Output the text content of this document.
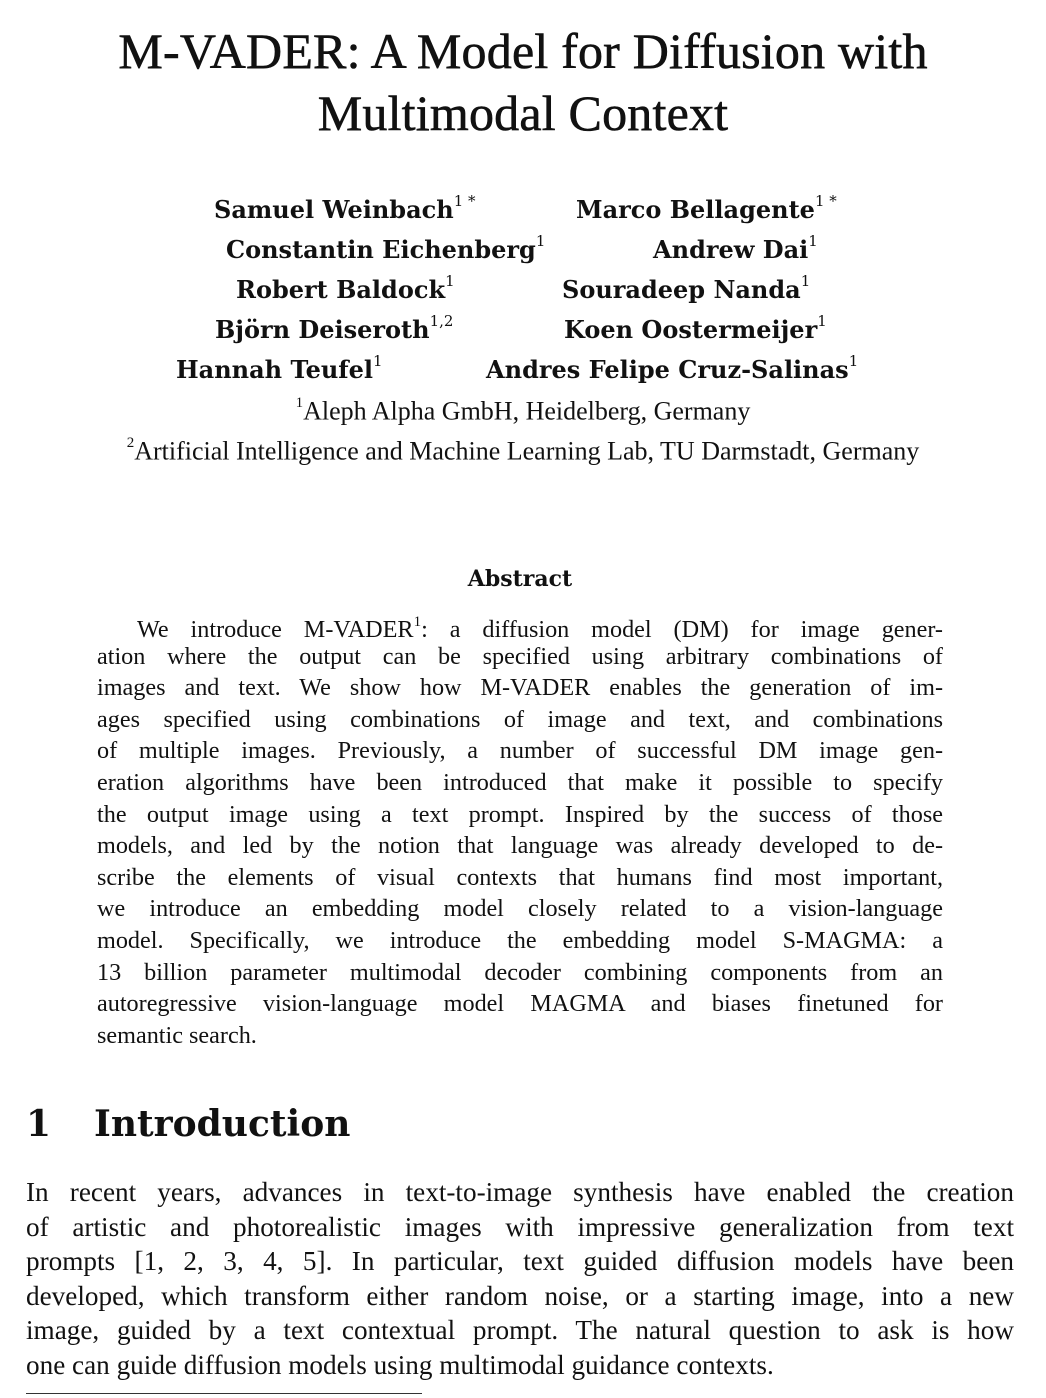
M-VADER: A Model for Diffusion with
Multimodal Context
Samuel Weinbach$^{1 *}$	Marco Bellagente$^{1 *}$
Constantin Eichenberg$^1$	Andrew Dai$^1$
Robert Baldock$^1$	Souradeep Nanda$^1$
Björn Deiseroth$^{1,2}$	Koen Oostermeijer$^1$
Hannah Teufel$^1$	Andres Felipe Cruz-Salinas$^1$
$^1$Aleph Alpha GmbH, Heidelberg, Germany
$^2$Artificial Intelligence and Machine Learning Lab, TU Darmstadt, Germany
Abstract
We introduce M-VADER$^1$: a diffusion model (DM) for image gener-
ation where the output can be specified using arbitrary combinations of
images and text. We show how M-VADER enables the generation of im-
ages specified using combinations of image and text, and combinations
of multiple images. Previously, a number of successful DM image gen-
eration algorithms have been introduced that make it possible to specify
the output image using a text prompt. Inspired by the success of those
models, and led by the notion that language was already developed to de-
scribe the elements of visual contexts that humans find most important,
we introduce an embedding model closely related to a vision-language
model. Specifically, we introduce the embedding model S-MAGMA: a
13 billion parameter multimodal decoder combining components from an
autoregressive vision-language model MAGMA and biases finetuned for
semantic search.
1 Introduction
In recent years, advances in text-to-image synthesis have enabled the creation
of artistic and photorealistic images with impressive generalization from text
prompts [1, 2, 3, 4, 5]. In particular, text guided diffusion models have been
developed, which transform either random noise, or a starting image, into a new
image, guided by a text contextual prompt. The natural question to ask is how
one can guide diffusion models using multimodal guidance contexts.
